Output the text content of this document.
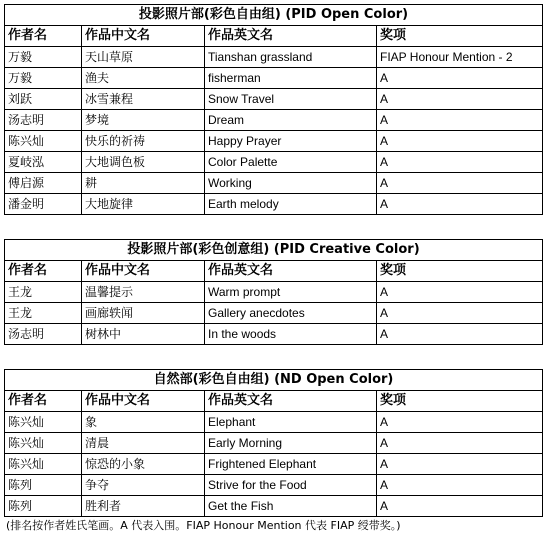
投影照片部(彩色自由组) (PID Open Color)			
作者名	作品中文名	作品英文名	奖项
万毅	天山草原	Tianshan grassland	FIAP Honour Mention - 2
万毅	渔夫	fisherman	A
刘跃	冰雪兼程	Snow Travel	A
汤志明	梦境	Dream	A
陈兴灿	快乐的祈祷	Happy Prayer	A
夏岐泓	大地调色板	Color Palette	A
傅启源	耕	Working	A
潘金明	大地旋律	Earth melody	A
投影照片部(彩色创意组) (PID Creative Color)			
作者名	作品中文名	作品英文名	奖项
王龙	温馨提示	Warm prompt	A
王龙	画廊轶闻	Gallery anecdotes	A
汤志明	树林中	In the woods	A
自然部(彩色自由组) (ND Open Color)			
作者名	作品中文名	作品英文名	奖项
陈兴灿	象	Elephant	A
陈兴灿	清晨	Early Morning	A
陈兴灿	惊恐的小象	Frightened Elephant	A
陈列	争夺	Strive for the Food	A
陈列	胜利者	Get the Fish	A
(排名按作者姓氏笔画。A 代表入围。FIAP Honour Mention 代表 FIAP 绶带奖。)
